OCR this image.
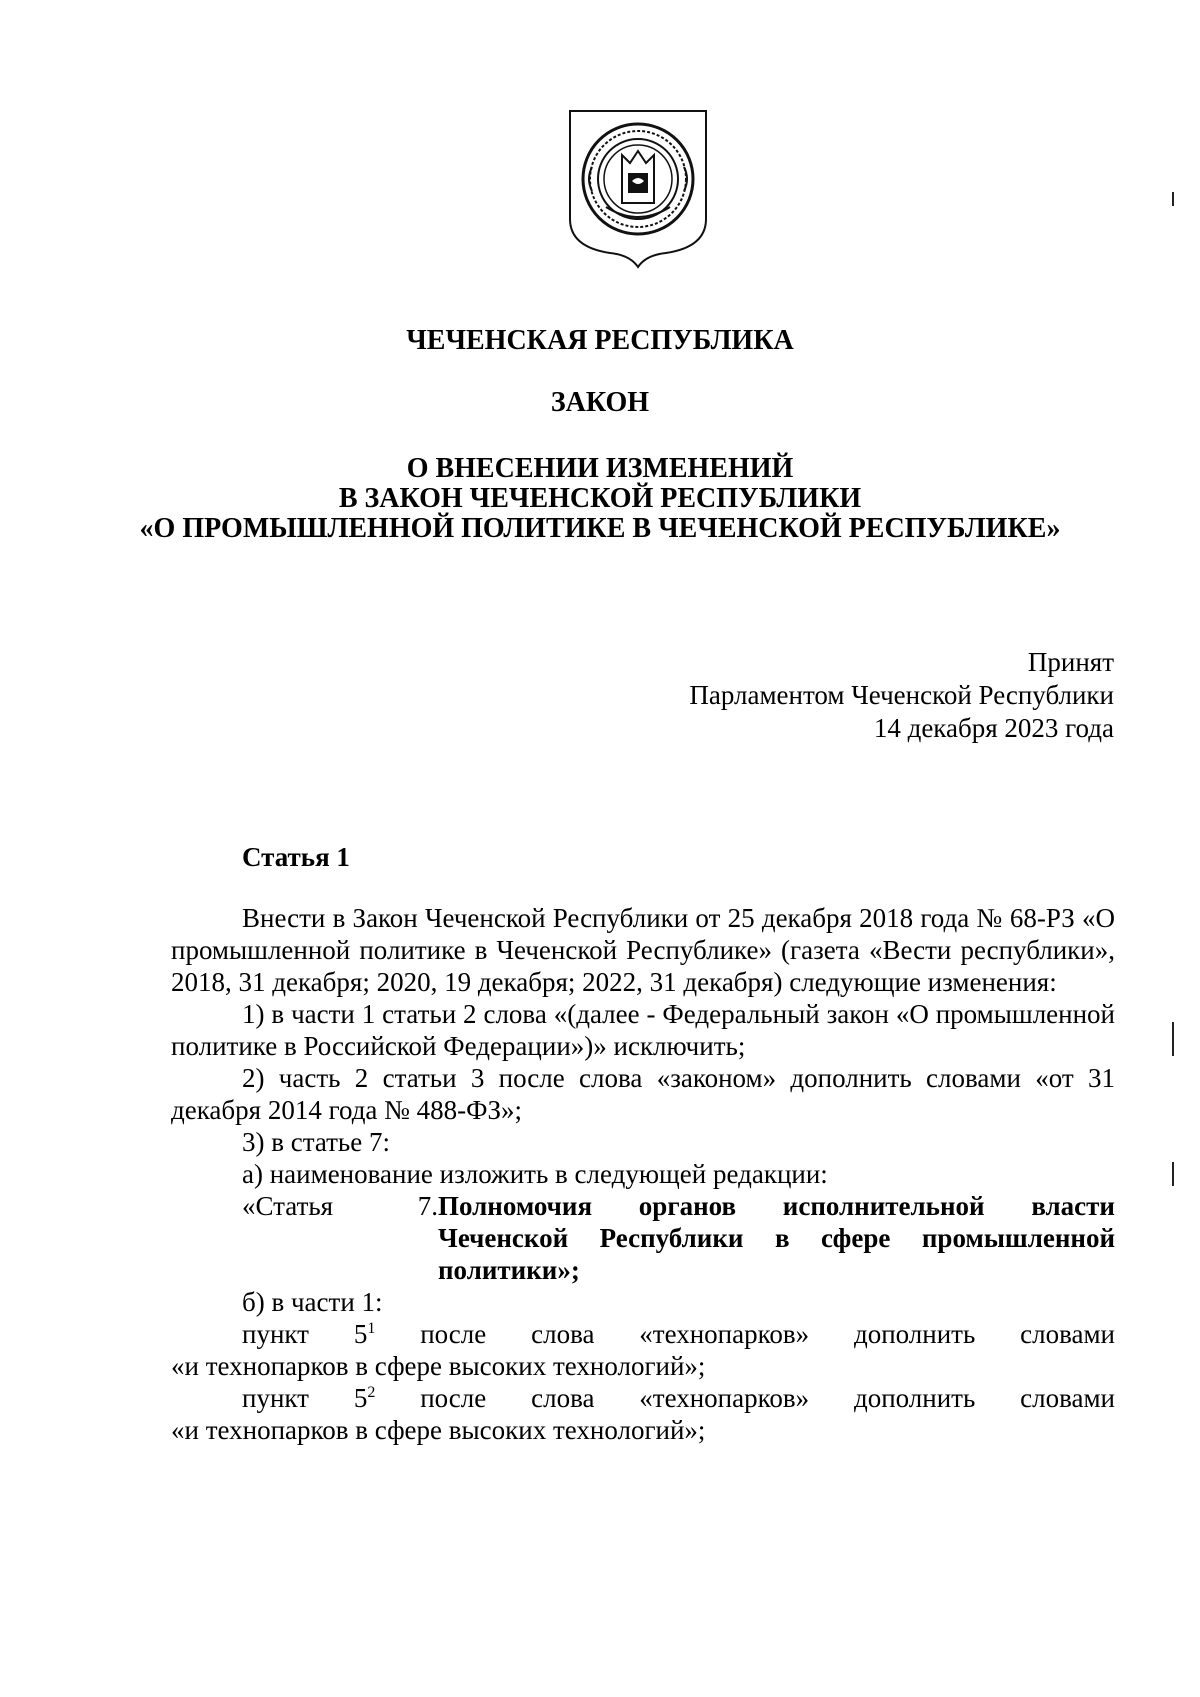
ЧЕЧЕНСКАЯ РЕСПУБЛИКА
ЗАКОН
О ВНЕСЕНИИ ИЗМЕНЕНИЙ
В ЗАКОН ЧЕЧЕНСКОЙ РЕСПУБЛИКИ
«О ПРОМЫШЛЕННОЙ ПОЛИТИКЕ В ЧЕЧЕНСКОЙ РЕСПУБЛИКЕ»
Принят
Парламентом Чеченской Республики
14 декабря 2023 года
Статья 1

Внести в Закон Чеченской Республики от 25 декабря 2018 года № 68-РЗ «О промышленной политике в Чеченской Республике» (газета «Вести республики», 2018, 31 декабря; 2020, 19 декабря; 2022, 31 декабря) следующие изменения:

1) в части 1 статьи 2 слова «(далее - Федеральный закон «О промышленной политике в Российской Федерации»)» исключить;

2) часть 2 статьи 3 после слова «законом» дополнить словами «от 31 декабря 2014 года № 488-ФЗ»;

3) в статье 7:

а) наименование изложить в следующей редакции:

«Статья 7. Полномочия органов исполнительной власти Чеченской Республики в сфере промышленной политики»;

б) в части 1:

пункт $5^1$ после слова «технопарков» дополнить словами

«и технопарков в сфере высоких технологий»;

пункт $5^2$ после слова «технопарков» дополнить словами

«и технопарков в сфере высоких технологий»;
